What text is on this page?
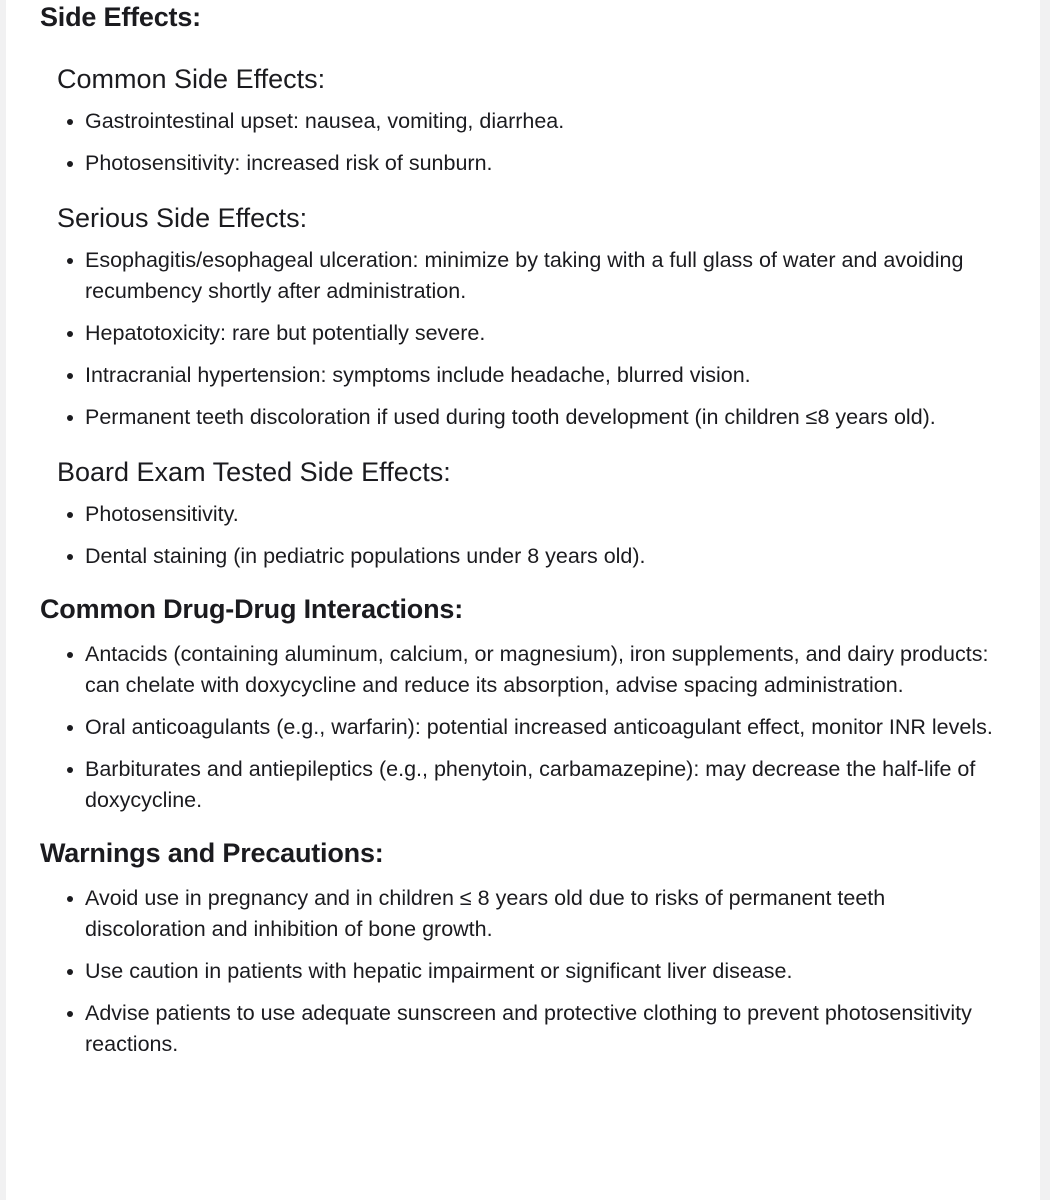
Side Effects:
Common Side Effects:
Gastrointestinal upset: nausea, vomiting, diarrhea.
Photosensitivity: increased risk of sunburn.
Serious Side Effects:
Esophagitis/esophageal ulceration: minimize by taking with a full glass of water and avoiding recumbency shortly after administration.
Hepatotoxicity: rare but potentially severe.
Intracranial hypertension: symptoms include headache, blurred vision.
Permanent teeth discoloration if used during tooth development (in children ≤8 years old).
Board Exam Tested Side Effects:
Photosensitivity.
Dental staining (in pediatric populations under 8 years old).
Common Drug-Drug Interactions:
Antacids (containing aluminum, calcium, or magnesium), iron supplements, and dairy products: can chelate with doxycycline and reduce its absorption, advise spacing administration.
Oral anticoagulants (e.g., warfarin): potential increased anticoagulant effect, monitor INR levels.
Barbiturates and antiepileptics (e.g., phenytoin, carbamazepine): may decrease the half-life of doxycycline.
Warnings and Precautions:
Avoid use in pregnancy and in children ≤ 8 years old due to risks of permanent teeth discoloration and inhibition of bone growth.
Use caution in patients with hepatic impairment or significant liver disease.
Advise patients to use adequate sunscreen and protective clothing to prevent photosensitivity reactions.
